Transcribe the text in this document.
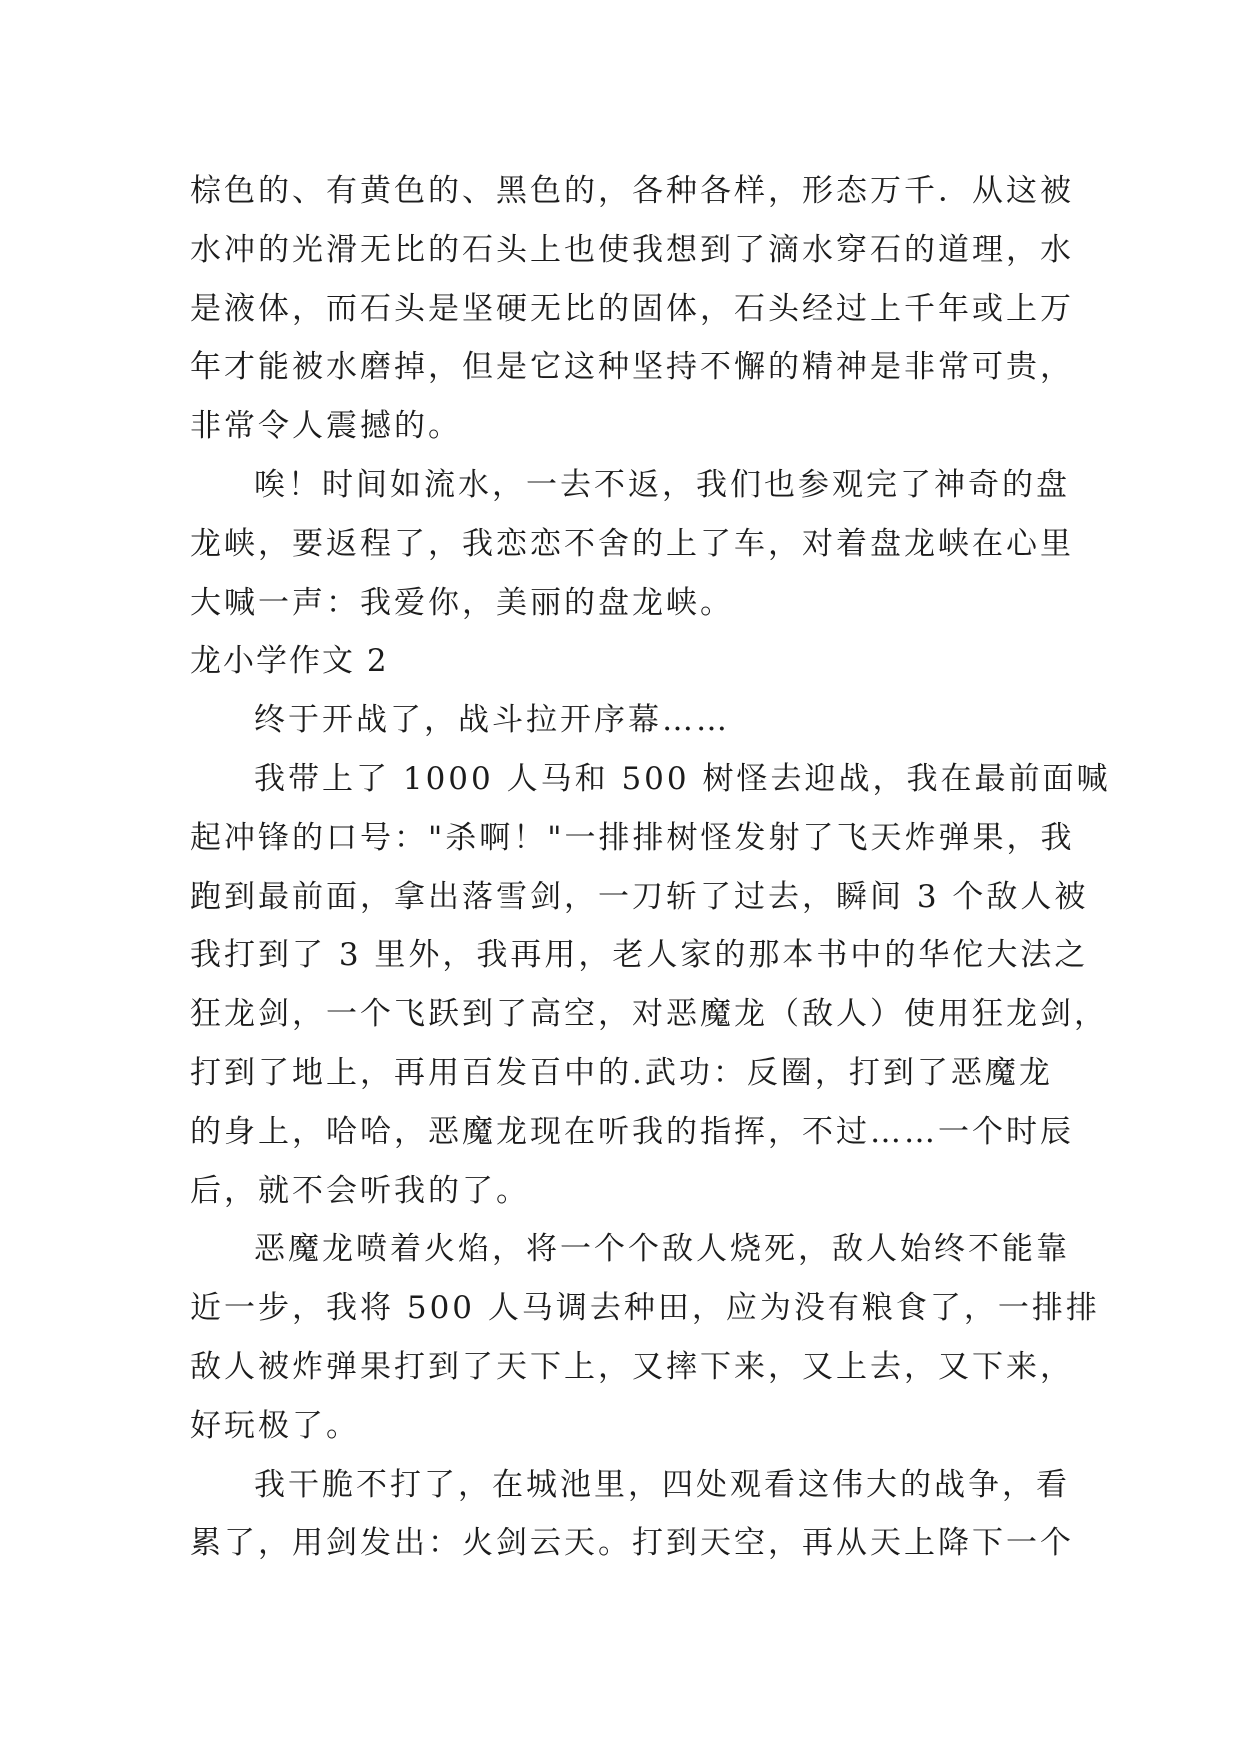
棕色的、有黄色的、黑色的，各种各样，形态万千．从这被
水冲的光滑无比的石头上也使我想到了滴水穿石的道理，水
是液体，而石头是坚硬无比的固体，石头经过上千年或上万
年才能被水磨掉，但是它这种坚持不懈的精神是非常可贵，
非常令人震撼的。
唉！时间如流水，一去不返，我们也参观完了神奇的盘
龙峡，要返程了，我恋恋不舍的上了车，对着盘龙峡在心里
大喊一声：我爱你，美丽的盘龙峡。
龙小学作文 2
终于开战了，战斗拉开序幕……
我带上了 1000 人马和 500 树怪去迎战，我在最前面喊
起冲锋的口号："杀啊！"一排排树怪发射了飞天炸弹果，我
跑到最前面，拿出落雪剑，一刀斩了过去，瞬间 3 个敌人被
我打到了 3 里外，我再用，老人家的那本书中的华佗大法之
狂龙剑，一个飞跃到了高空，对恶魔龙（敌人）使用狂龙剑，
打到了地上，再用百发百中的.武功：反圈，打到了恶魔龙
的身上，哈哈，恶魔龙现在听我的指挥，不过……一个时辰
后，就不会听我的了。
恶魔龙喷着火焰，将一个个敌人烧死，敌人始终不能靠
近一步，我将 500 人马调去种田，应为没有粮食了，一排排
敌人被炸弹果打到了天下上，又摔下来，又上去，又下来，
好玩极了。
我干脆不打了，在城池里，四处观看这伟大的战争，看
累了，用剑发出：火剑云天。打到天空，再从天上降下一个
